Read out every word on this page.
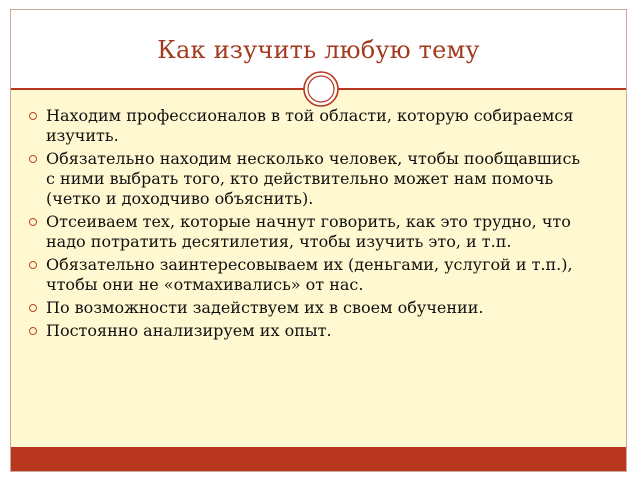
Как изучить любую тему
Находим профессионалов в той области, которую собираемся изучить.
Обязательно находим несколько человек, чтобы пообщавшись с ними выбрать того, кто действительно может нам помочь (четко и доходчиво объяснить).
Отсеиваем тех, которые начнут говорить, как это трудно, что надо потратить десятилетия, чтобы изучить это, и т.п.
Обязательно заинтересовываем их (деньгами, услугой и т.п.), чтобы они не «отмахивались» от нас.
По возможности задействуем их в своем обучении.
Постоянно анализируем их опыт.
